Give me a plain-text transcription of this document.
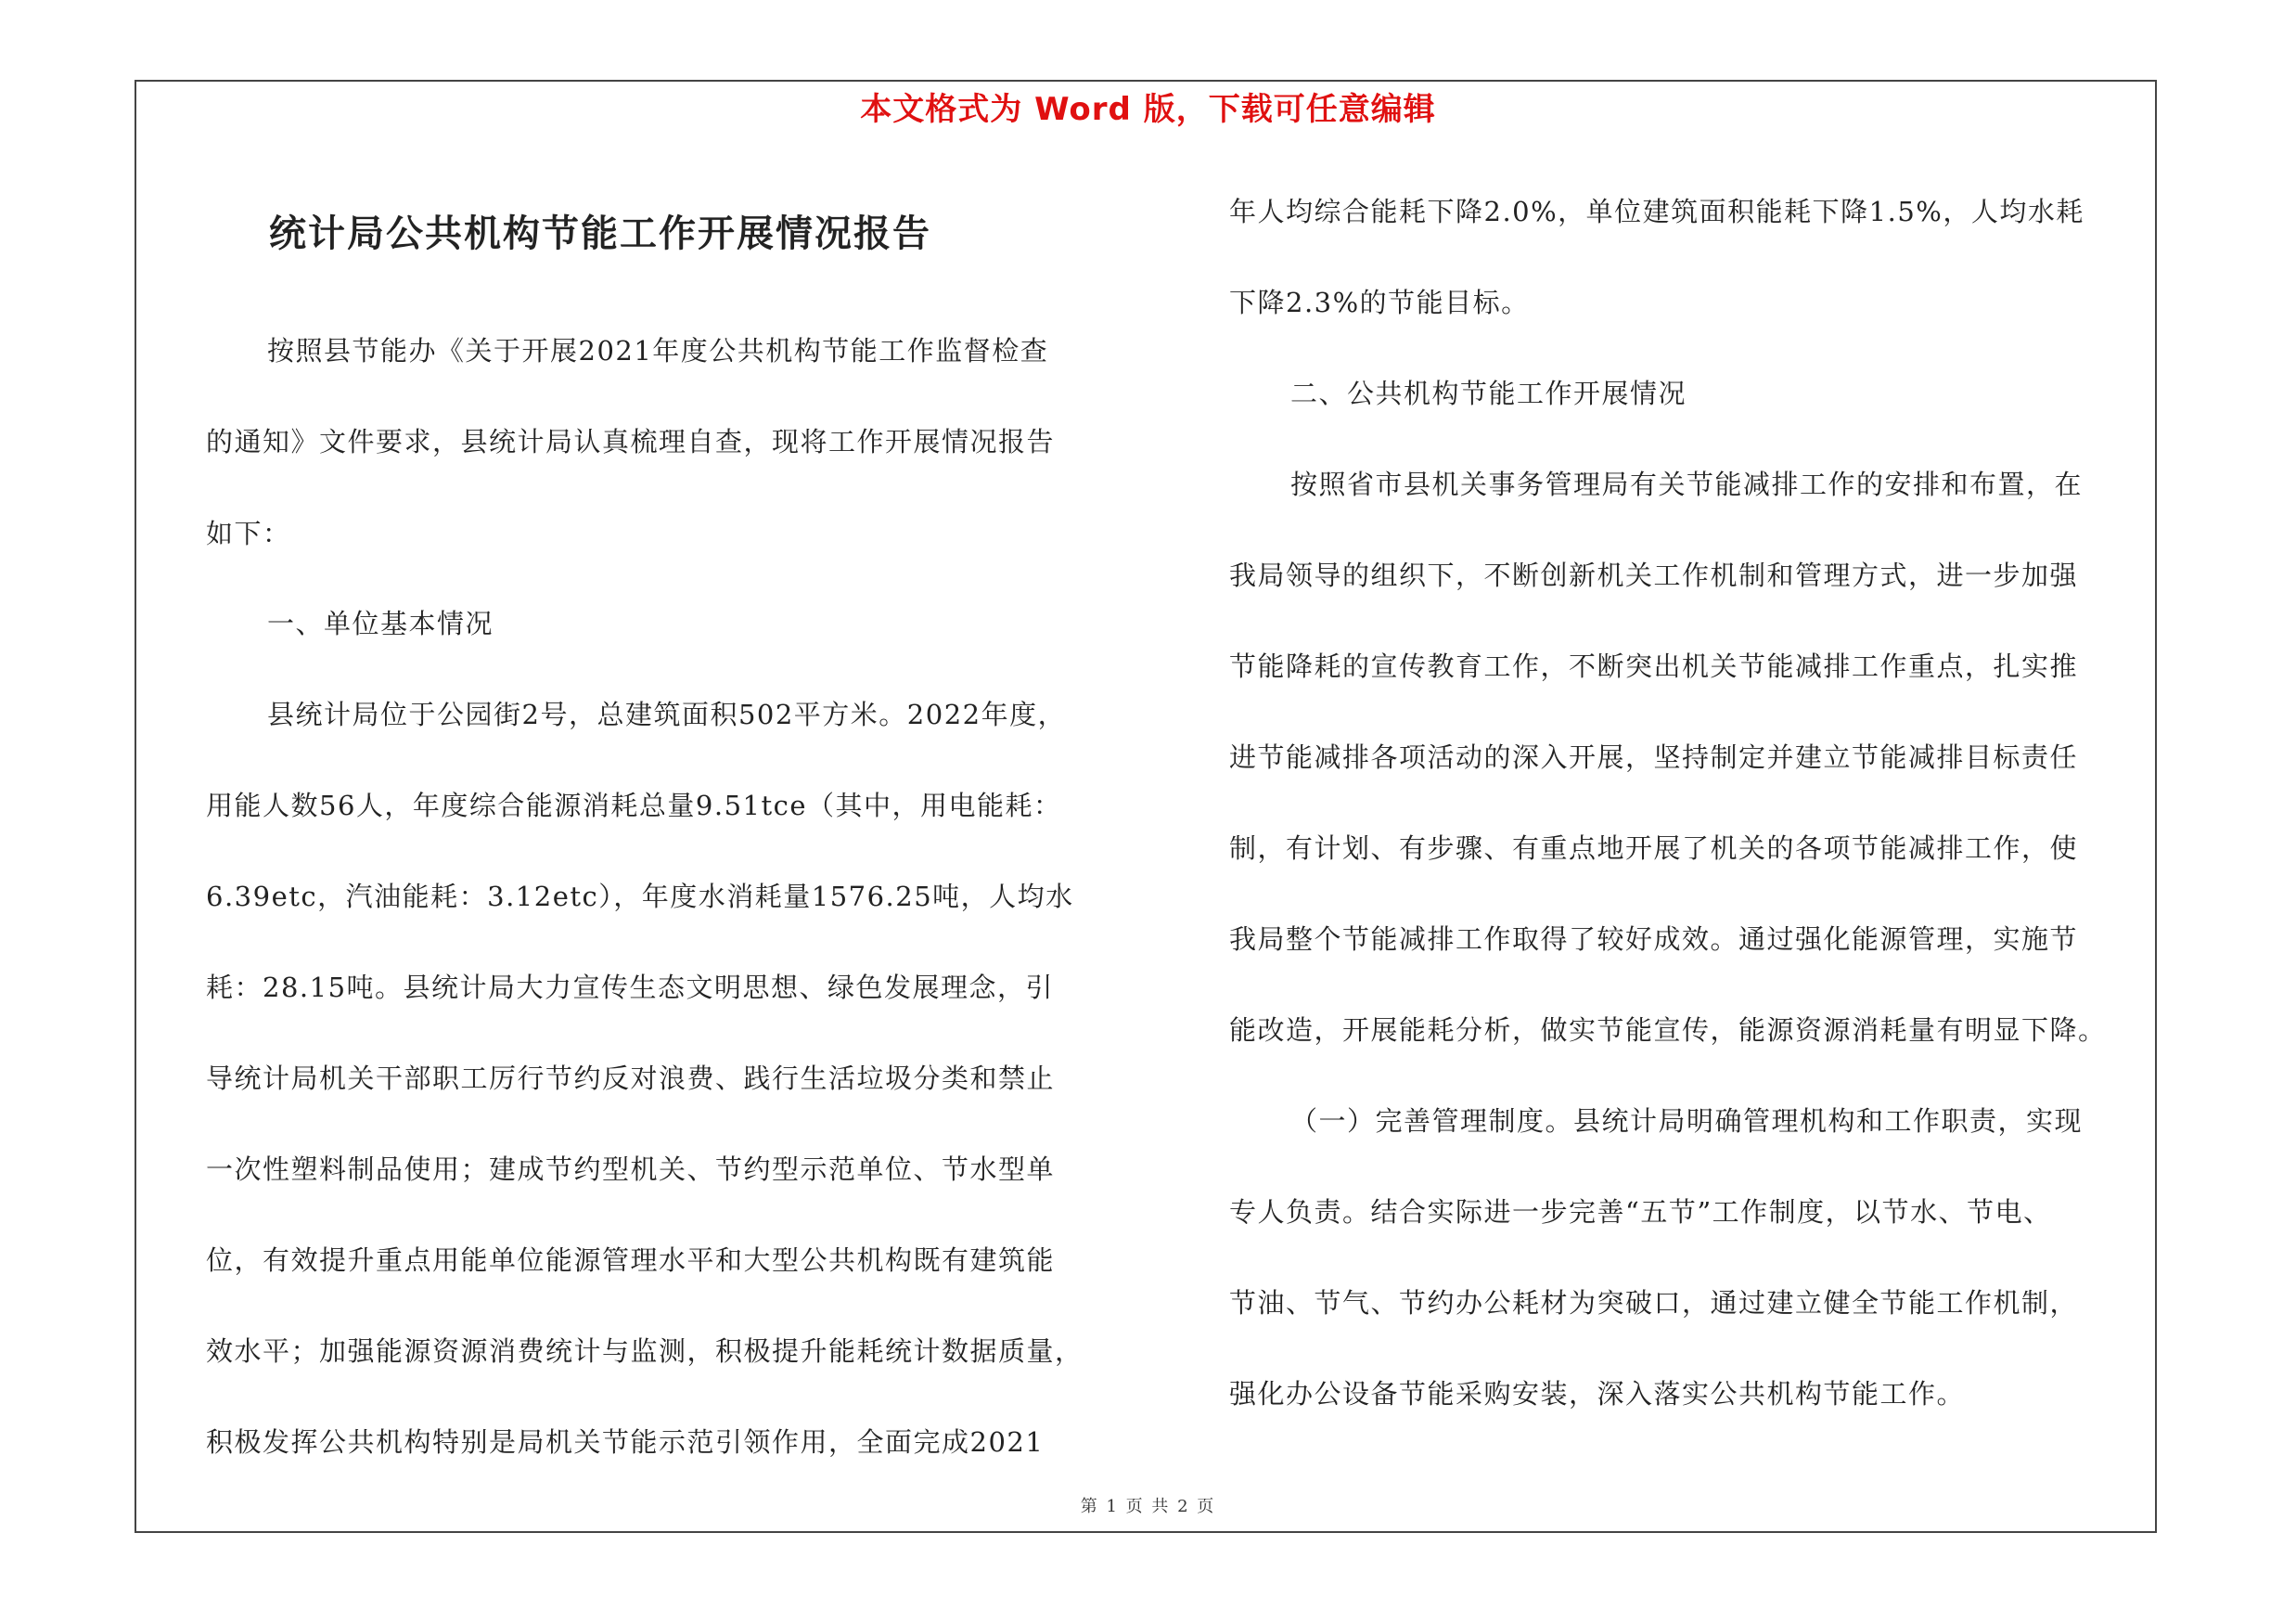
本文格式为 Word 版，下载可任意编辑
统计局公共机构节能工作开展情况报告
按照县节能办《关于开展2021年度公共机构节能工作监督检查
的通知》文件要求，县统计局认真梳理自查，现将工作开展情况报告
如下：
一、单位基本情况
县统计局位于公园街2号，总建筑面积502平方米。2022年度，
用能人数56人，年度综合能源消耗总量9.51tce（其中，用电能耗：
6.39etc，汽油能耗：3.12etc），年度水消耗量1576.25吨，人均水
耗：28.15吨。县统计局大力宣传生态文明思想、绿色发展理念，引
导统计局机关干部职工厉行节约反对浪费、践行生活垃圾分类和禁止
一次性塑料制品使用；建成节约型机关、节约型示范单位、节水型单
位，有效提升重点用能单位能源管理水平和大型公共机构既有建筑能
效水平；加强能源资源消费统计与监测，积极提升能耗统计数据质量，
积极发挥公共机构特别是局机关节能示范引领作用，全面完成2021
年人均综合能耗下降2.0%，单位建筑面积能耗下降1.5%，人均水耗
下降2.3%的节能目标。
二、公共机构节能工作开展情况
按照省市县机关事务管理局有关节能减排工作的安排和布置，在
我局领导的组织下，不断创新机关工作机制和管理方式，进一步加强
节能降耗的宣传教育工作，不断突出机关节能减排工作重点，扎实推
进节能减排各项活动的深入开展，坚持制定并建立节能减排目标责任
制，有计划、有步骤、有重点地开展了机关的各项节能减排工作，使
我局整个节能减排工作取得了较好成效。通过强化能源管理，实施节
能改造，开展能耗分析，做实节能宣传，能源资源消耗量有明显下降。
（一）完善管理制度。县统计局明确管理机构和工作职责，实现
专人负责。结合实际进一步完善“五节”工作制度，以节水、节电、
节油、节气、节约办公耗材为突破口，通过建立健全节能工作机制，
强化办公设备节能采购安装，深入落实公共机构节能工作。
第 1 页 共 2 页
